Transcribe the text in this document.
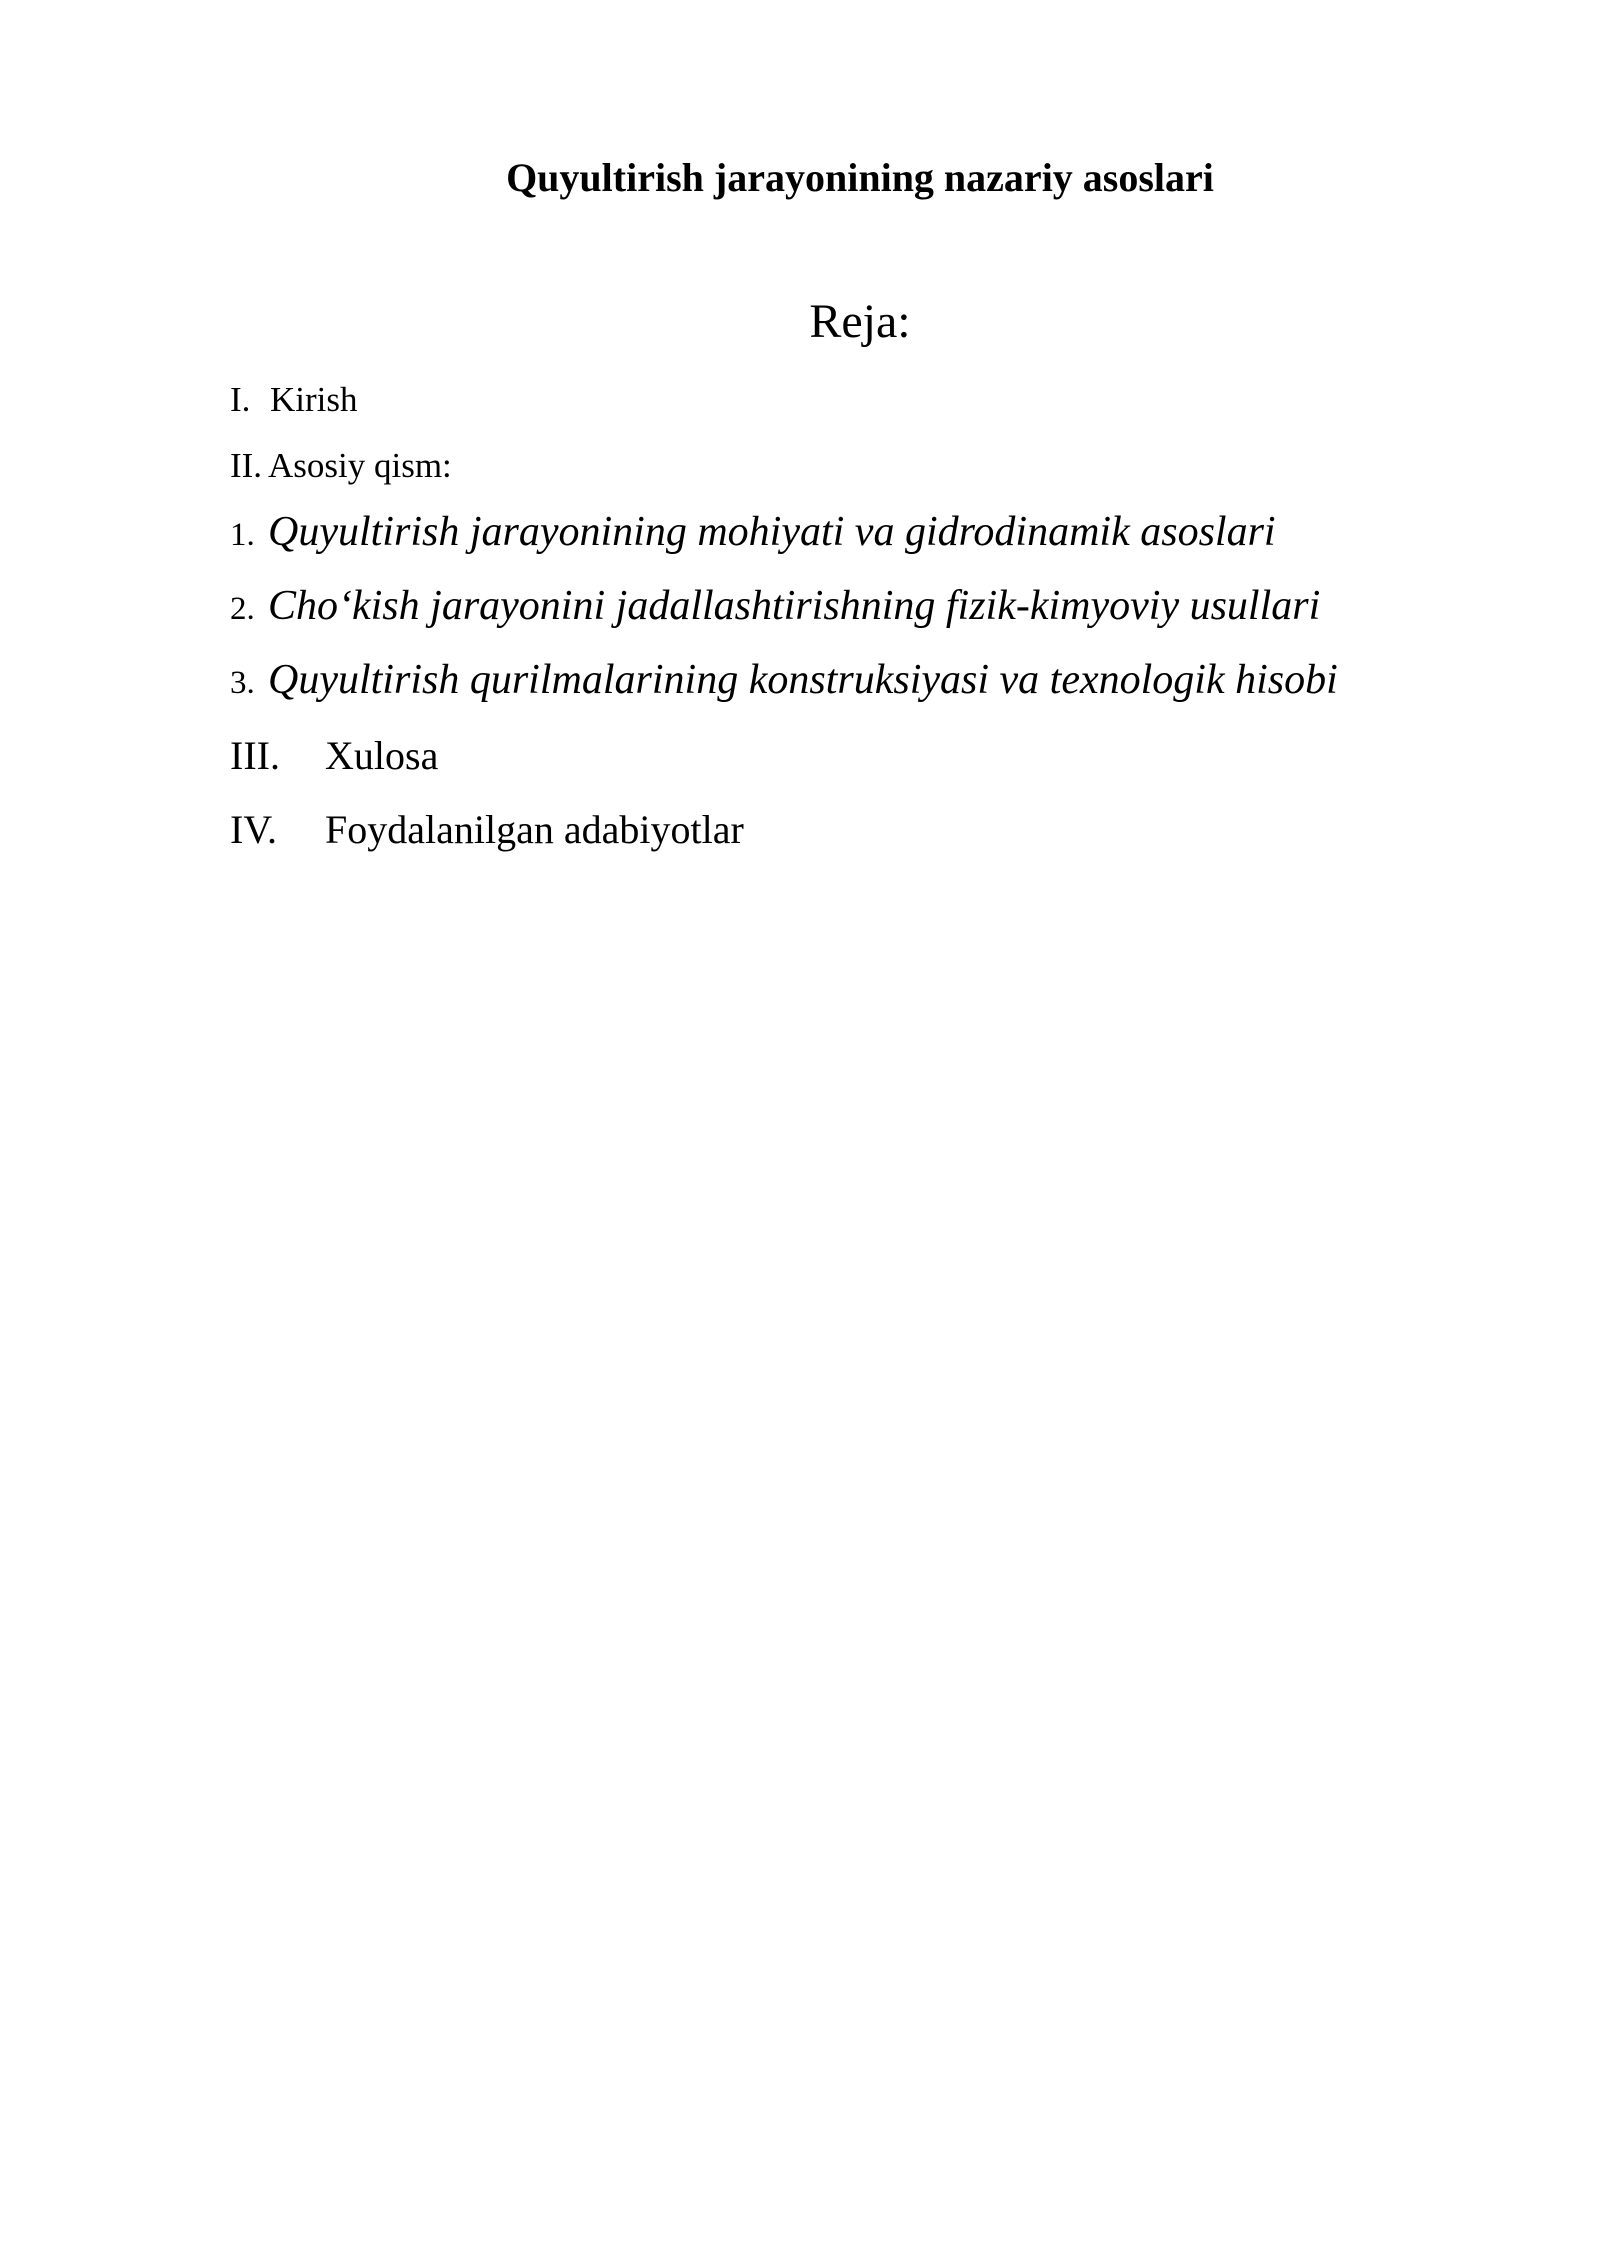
Quyultirish jarayonining nazariy asoslari
Reja:
I. Kirish
II. Asosiy qism:
1. Quyultirish jarayonining mohiyati va gidrodinamik asoslari
2. Cho‘kish jarayonini jadallashtirishning fizik-kimyoviy usullari
3. Quyultirish qurilmalarining konstruksiyasi va texnologik hisobi
III. Xulosa
IV. Foydalanilgan adabiyotlar
